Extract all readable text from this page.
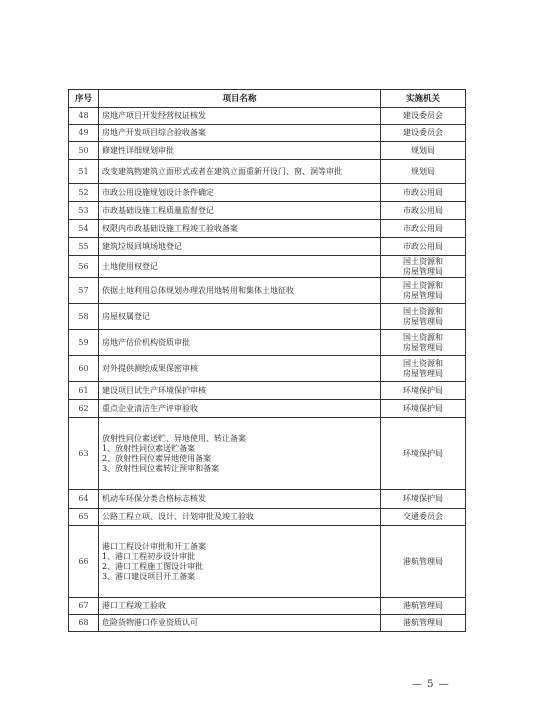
序号	项目名称	实施机关
48	房地产项目开发经营权证核发	建设委员会
49	房地产开发项目综合验收备案	建设委员会
50	修建性详细规划审批	规划局
51	改变建筑物建筑立面形式或者在建筑立面重新开设门、窗、洞等审批	规划局
52	市政公用设施规划设计条件确定	市政公用局
53	市政基础设施工程质量监督登记	市政公用局
54	权限内市政基础设施工程竣工验收备案	市政公用局
55	建筑垃圾回填场地登记	市政公用局
56	土地使用权登记	国土资源和
房屋管理局
57	依据土地利用总体规划办理农用地转用和集体土地征收	国土资源和
房屋管理局
58	房屋权属登记	国土资源和
房屋管理局
59	房地产估价机构资质审批	国土资源和
房屋管理局
60	对外提供测绘成果保密审核	国土资源和
房屋管理局
61	建设项目试生产环境保护审核	环境保护局
62	重点企业清洁生产评审验收	环境保护局
63	放射性同位素送贮、异地使用、转让备案
1、放射性同位素送贮备案
2、放射性同位素异地使用备案
3、放射性同位素转让预审和备案	环境保护局
64	机动车环保分类合格标志核发	环境保护局
65	公路工程立项、设计、计划审批及竣工验收	交通委员会
66	港口工程设计审批和开工备案
1、港口工程初步设计审批
2、港口工程施工图设计审批
3、港口建设项目开工备案	港航管理局
67	港口工程竣工验收	港航管理局
68	危险货物港口作业资质认可	港航管理局
— 5 —
